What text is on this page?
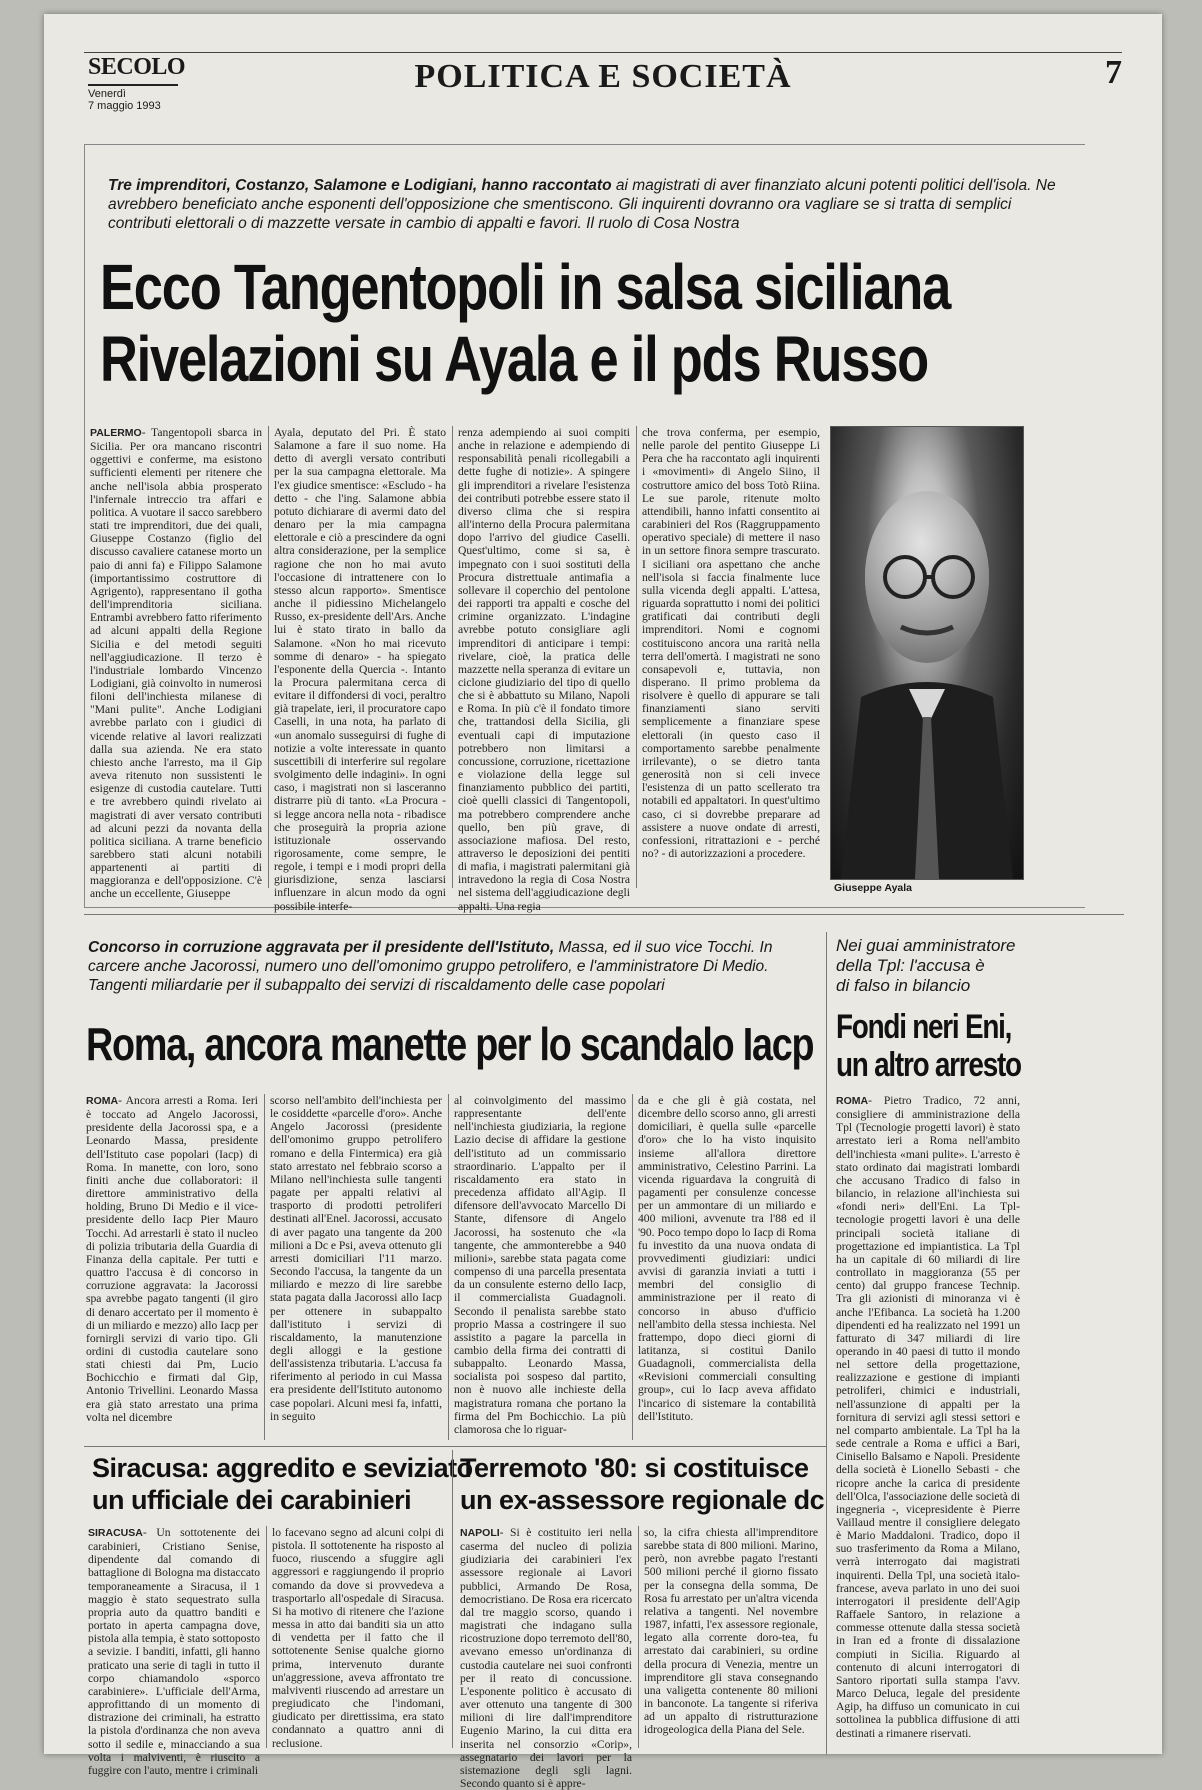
SECOLO
Venerdì
7 maggio 1993
POLITICA E SOCIETÀ	7
Tre imprenditori, Costanzo, Salamone e Lodigiani, hanno raccontato ai magistrati di aver finanziato alcuni potenti politici dell'isola. Ne avrebbero beneficiato anche esponenti dell'opposizione che smentiscono. Gli inquirenti dovranno ora vagliare se si tratta di semplici contributi elettorali o di mazzette versate in cambio di appalti e favori. Il ruolo di Cosa Nostra
Ecco Tangentopoli in salsa siciliana
Rivelazioni su Ayala e il pds Russo

PALERMO- Tangentopoli sbarca in Sicilia. Per ora mancano riscontri oggettivi e conferme, ma esistono sufficienti elementi per ritenere che anche nell'isola abbia prosperato l'infernale intreccio tra affari e politica. A vuotare il sacco sarebbero stati tre imprenditori, due dei quali, Giuseppe Costanzo (figlio del discusso cavaliere catanese morto un paio di anni fa) e Filippo Salamone (importantissimo costruttore di Agrigento), rappresentano il gotha dell'imprenditoria siciliana. Entrambi avrebbero fatto riferimento ad alcuni appalti della Regione Sicilia e del metodi seguiti nell'aggiudicazione. Il terzo è l'industriale lombardo Vincenzo Lodigiani, già coinvolto in numerosi filoni dell'inchiesta milanese di "Mani pulite". Anche Lodigiani avrebbe parlato con i giudici di vicende relative al lavori realizzati dalla sua azienda. Ne era stato chiesto anche l'arresto, ma il Gip aveva ritenuto non sussistenti le esigenze di custodia cautelare. Tutti e tre avrebbero quindi rivelato ai magistrati di aver versato contributi ad alcuni pezzi da novanta della politica siciliana. A trarne beneficio sarebbero stati alcuni notabili appartenenti ai partiti di maggioranza e dell'opposizione. C'è anche un eccellente, Giuseppe

Ayala, deputato del Pri. È stato Salamone a fare il suo nome. Ha detto di avergli versato contributi per la sua campagna elettorale. Ma l'ex giudice smentisce: «Escludo - ha detto - che l'ing. Salamone abbia potuto dichiarare di avermi dato del denaro per la mia campagna elettorale e ciò a prescindere da ogni altra considerazione, per la semplice ragione che non ho mai avuto l'occasione di intrattenere con lo stesso alcun rapporto». Smentisce anche il pidiessino Michelangelo Russo, ex-presidente dell'Ars. Anche lui è stato tirato in ballo da Salamone. «Non ho mai ricevuto somme di denaro» - ha spiegato l'esponente della Quercia -. Intanto la Procura palermitana cerca di evitare il diffondersi di voci, peraltro già trapelate, ieri, il procuratore capo Caselli, in una nota, ha parlato di «un anomalo susseguirsi di fughe di notizie a volte interessate in quanto suscettibili di interferire sul regolare svolgimento delle indagini». In ogni caso, i magistrati non si lasceranno distrarre più di tanto. «La Procura - si legge ancora nella nota - ribadisce che proseguirà la propria azione istituzionale osservando rigorosamente, come sempre, le regole, i tempi e i modi propri della giurisdizione, senza lasciarsi influenzare in alcun modo da ogni possibile interfe-

renza adempiendo ai suoi compiti anche in relazione e adempiendo di responsabilità penali ricollegabili a dette fughe di notizie». A spingere gli imprenditori a rivelare l'esistenza dei contributi potrebbe essere stato il diverso clima che si respira all'interno della Procura palermitana dopo l'arrivo del giudice Caselli. Quest'ultimo, come si sa, è impegnato con i suoi sostituti della Procura distrettuale antimafia a sollevare il coperchio del pentolone dei rapporti tra appalti e cosche del crimine organizzato. L'indagine avrebbe potuto consigliare agli imprenditori di anticipare i tempi: rivelare, cioè, la pratica delle mazzette nella speranza di evitare un ciclone giudiziario del tipo di quello che si è abbattuto su Milano, Napoli e Roma. In più c'è il fondato timore che, trattandosi della Sicilia, gli eventuali capi di imputazione potrebbero non limitarsi a concussione, corruzione, ricettazione e violazione della legge sul finanziamento pubblico dei partiti, cioè quelli classici di Tangentopoli, ma potrebbero comprendere anche quello, ben più grave, di associazione mafiosa. Del resto, attraverso le deposizioni dei pentiti di mafia, i magistrati palermitani già intravedono la regia di Cosa Nostra nel sistema dell'aggiudicazione degli appalti. Una regia

che trova conferma, per esempio, nelle parole del pentito Giuseppe Li Pera che ha raccontato agli inquirenti i «movimenti» di Angelo Siino, il costruttore amico del boss Totò Riina. Le sue parole, ritenute molto attendibili, hanno infatti consentito ai carabinieri del Ros (Raggruppamento operativo speciale) di mettere il naso in un settore finora sempre trascurato. I siciliani ora aspettano che anche nell'isola si faccia finalmente luce sulla vicenda degli appalti. L'attesa, riguarda soprattutto i nomi dei politici gratificati dai contributi degli imprenditori. Nomi e cognomi costituiscono ancora una rarità nella terra dell'omertà. I magistrati ne sono consapevoli e, tuttavia, non disperano. Il primo problema da risolvere è quello di appurare se tali finanziamenti siano serviti semplicemente a finanziare spese elettorali (in questo caso il comportamento sarebbe penalmente irrilevante), o se dietro tanta generosità non si celi invece l'esistenza di un patto scellerato tra notabili ed appaltatori. In quest'ultimo caso, ci si dovrebbe preparare ad assistere a nuove ondate di arresti, confessioni, ritrattazioni e - perché no? - di autorizzazioni a procedere.

Giuseppe Ayala
Concorso in corruzione aggravata per il presidente dell'Istituto, Massa, ed il suo vice Tocchi. In carcere anche Jacorossi, numero uno dell'omonimo gruppo petrolifero, e l'amministratore Di Medio. Tangenti miliardarie per il subappalto dei servizi di riscaldamento delle case popolari
Roma, ancora manette per lo scandalo Iacp

ROMA- Ancora arresti a Roma. Ieri è toccato ad Angelo Jacorossi, presidente della Jacorossi spa, e a Leonardo Massa, presidente dell'Istituto case popolari (Iacp) di Roma. In manette, con loro, sono finiti anche due collaboratori: il direttore amministrativo della holding, Bruno Di Medio e il vice-presidente dello Iacp Pier Mauro Tocchi. Ad arrestarli è stato il nucleo di polizia tributaria della Guardia di Finanza della capitale. Per tutti e quattro l'accusa è di concorso in corruzione aggravata: la Jacorossi spa avrebbe pagato tangenti (il giro di denaro accertato per il momento è di un miliardo e mezzo) allo Iacp per fornirgli servizi di vario tipo. Gli ordini di custodia cautelare sono stati chiesti dai Pm, Lucio Bochicchio e firmati dal Gip, Antonio Trivellini. Leonardo Massa era già stato arrestato una prima volta nel dicembre

scorso nell'ambito dell'inchiesta per le cosiddette «parcelle d'oro». Anche Angelo Jacorossi (presidente dell'omonimo gruppo petrolifero romano e della Fintermica) era già stato arrestato nel febbraio scorso a Milano nell'inchiesta sulle tangenti pagate per appalti relativi al trasporto di prodotti petroliferi destinati all'Enel. Jacorossi, accusato di aver pagato una tangente da 200 milioni a Dc e Psi, aveva ottenuto gli arresti domiciliari l'11 marzo. Secondo l'accusa, la tangente da un miliardo e mezzo di lire sarebbe stata pagata dalla Jacorossi allo Iacp per ottenere in subappalto dall'istituto i servizi di riscaldamento, la manutenzione degli alloggi e la gestione dell'assistenza tributaria. L'accusa fa riferimento al periodo in cui Massa era presidente dell'Istituto autonomo case popolari. Alcuni mesi fa, infatti, in seguito

al coinvolgimento del massimo rappresentante dell'ente nell'inchiesta giudiziaria, la regione Lazio decise di affidare la gestione dell'istituto ad un commissario straordinario. L'appalto per il riscaldamento era stato in precedenza affidato all'Agip. Il difensore dell'avvocato Marcello Di Stante, difensore di Angelo Jacorossi, ha sostenuto che «la tangente, che ammonterebbe a 940 milioni», sarebbe stata pagata come compenso di una parcella presentata da un consulente esterno dello Iacp, il commercialista Guadagnoli. Secondo il penalista sarebbe stato proprio Massa a costringere il suo assistito a pagare la parcella in cambio della firma dei contratti di subappalto. Leonardo Massa, socialista poi sospeso dal partito, non è nuovo alle inchieste della magistratura romana che portano la firma del Pm Bochicchio. La più clamorosa che lo riguar-

da e che gli è già costata, nel dicembre dello scorso anno, gli arresti domiciliari, è quella sulle «parcelle d'oro» che lo ha visto inquisito insieme all'allora direttore amministrativo, Celestino Parrini. La vicenda riguardava la congruità di pagamenti per consulenze concesse per un ammontare di un miliardo e 400 milioni, avvenute tra l'88 ed il '90. Poco tempo dopo lo Iacp di Roma fu investito da una nuova ondata di provvedimenti giudiziari: undici avvisi di garanzia inviati a tutti i membri del consiglio di amministrazione per il reato di concorso in abuso d'ufficio nell'ambito della stessa inchiesta. Nel frattempo, dopo dieci giorni di latitanza, si costituì Danilo Guadagnoli, commercialista della «Revisioni commerciali consulting group», cui lo Iacp aveva affidato l'incarico di sistemare la contabilità dell'Istituto.

Nei guai amministratore
della Tpl: l'accusa è
di falso in bilancio
Fondi neri Eni,
un altro arresto

ROMA- Pietro Tradico, 72 anni, consigliere di amministrazione della Tpl (Tecnologie progetti lavori) è stato arrestato ieri a Roma nell'ambito dell'inchiesta «mani pulite». L'arresto è stato ordinato dai magistrati lombardi che accusano Tradico di falso in bilancio, in relazione all'inchiesta sui «fondi neri» dell'Eni. La Tpl-tecnologie progetti lavori è una delle principali società italiane di progettazione ed impiantistica. La Tpl ha un capitale di 60 miliardi di lire controllato in maggioranza (55 per cento) dal gruppo francese Technip. Tra gli azionisti di minoranza vi è anche l'Efibanca. La società ha 1.200 dipendenti ed ha realizzato nel 1991 un fatturato di 347 miliardi di lire operando in 40 paesi di tutto il mondo nel settore della progettazione, realizzazione e gestione di impianti petroliferi, chimici e industriali, nell'assunzione di appalti per la fornitura di servizi agli stessi settori e nel comparto ambientale. La Tpl ha la sede centrale a Roma e uffici a Bari, Cinisello Balsamo e Napoli. Presidente della società è Lionello Sebasti - che ricopre anche la carica di presidente dell'Olca, l'associazione delle società di ingegneria -, vicepresidente è Pierre Vaillaud mentre il consigliere delegato è Mario Maddaloni. Tradico, dopo il suo trasferimento da Roma a Milano, verrà interrogato dai magistrati inquirenti. Della Tpl, una società italo-francese, aveva parlato in uno dei suoi interrogatori il presidente dell'Agip Raffaele Santoro, in relazione a commesse ottenute dalla stessa società in Iran ed a fronte di dissalazione compiuti in Sicilia. Riguardo al contenuto di alcuni interrogatori di Santoro riportati sulla stampa l'avv. Marco Deluca, legale del presidente Agip, ha diffuso un comunicato in cui sottolinea la pubblica diffusione di atti destinati a rimanere riservati.

Siracusa: aggredito e seviziato
un ufficiale dei carabinieri

SIRACUSA- Un sottotenente dei carabinieri, Cristiano Senise, dipendente dal comando di battaglione di Bologna ma distaccato temporaneamente a Siracusa, il 1 maggio è stato sequestrato sulla propria auto da quattro banditi e portato in aperta campagna dove, pistola alla tempia, è stato sottoposto a sevizie. I banditi, infatti, gli hanno praticato una serie di tagli in tutto il corpo chiamandolo «sporco carabiniere». L'ufficiale dell'Arma, approfittando di un momento di distrazione dei criminali, ha estratto la pistola d'ordinanza che non aveva sotto il sedile e, minacciando a sua volta i malviventi, è riuscito a fuggire con l'auto, mentre i criminali

lo facevano segno ad alcuni colpi di pistola. Il sottotenente ha risposto al fuoco, riuscendo a sfuggire agli aggressori e raggiungendo il proprio comando da dove si provvedeva a trasportarlo all'ospedale di Siracusa. Si ha motivo di ritenere che l'azione messa in atto dai banditi sia un atto di vendetta per il fatto che il sottotenente Senise qualche giorno prima, intervenuto durante un'aggressione, aveva affrontato tre malviventi riuscendo ad arrestare un pregiudicato che l'indomani, giudicato per direttissima, era stato condannato a quattro anni di reclusione.

Terremoto '80: si costituisce
un ex-assessore regionale dc

NAPOLI- Si è costituito ieri nella caserma del nucleo di polizia giudiziaria dei carabinieri l'ex assessore regionale ai Lavori pubblici, Armando De Rosa, democristiano. De Rosa era ricercato dal tre maggio scorso, quando i magistrati che indagano sulla ricostruzione dopo terremoto dell'80, avevano emesso un'ordinanza di custodia cautelare nei suoi confronti per il reato di concussione. L'esponente politico è accusato di aver ottenuto una tangente di 300 milioni di lire dall'imprenditore Eugenio Marino, la cui ditta era inserita nel consorzio «Corip», assegnatario dei lavori per la sistemazione degli sgli lagni. Secondo quanto si è appre-

so, la cifra chiesta all'imprenditore sarebbe stata di 800 milioni. Marino, però, non avrebbe pagato l'restanti 500 milioni perché il giorno fissato per la consegna della somma, De Rosa fu arrestato per un'altra vicenda relativa a tangenti. Nel novembre 1987, infatti, l'ex assessore regionale, legato alla corrente doro-tea, fu arrestato dai carabinieri, su ordine della procura di Venezia, mentre un imprenditore gli stava consegnando una valigetta contenente 80 milioni in banconote. La tangente si riferiva ad un appalto di ristrutturazione idrogeologica della Piana del Sele.
